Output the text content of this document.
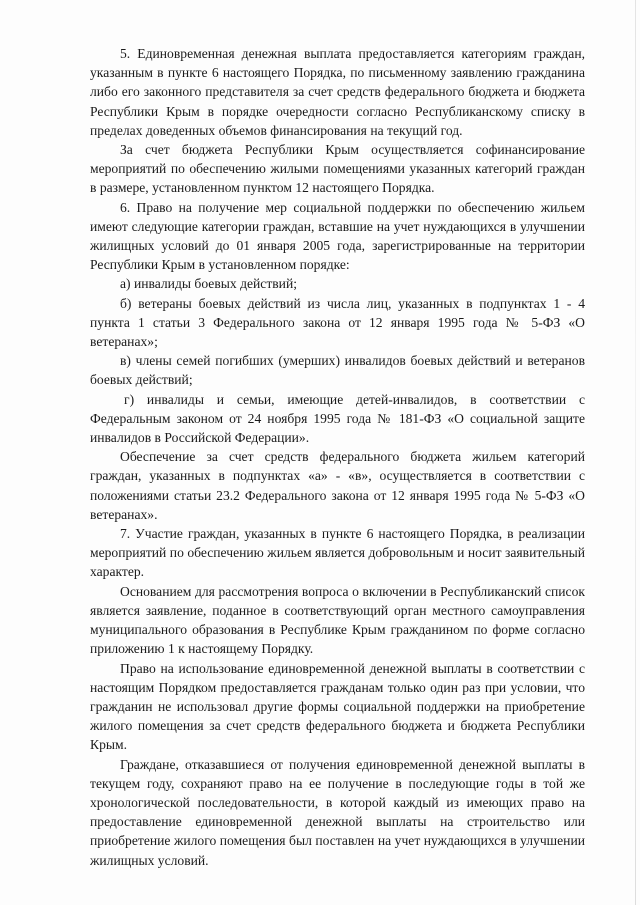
5. Единовременная денежная выплата предоставляется категориям граждан, указанным в пункте 6 настоящего Порядка, по письменному заявлению гражданина либо его законного представителя за счет средств федерального бюджета и бюджета Республики Крым в порядке очередности согласно Республиканскому списку в пределах доведенных объемов финансирования на текущий год.

За счет бюджета Республики Крым осуществляется софинансирование мероприятий по обеспечению жилыми помещениями указанных категорий граждан в размере, установленном пунктом 12 настоящего Порядка.

6. Право на получение мер социальной поддержки по обеспечению жильем имеют следующие категории граждан, вставшие на учет нуждающихся в улучшении жилищных условий до 01 января 2005 года, зарегистрированные на территории Республики Крым в установленном порядке:

а) инвалиды боевых действий;

б) ветераны боевых действий из числа лиц, указанных в подпунктах 1 - 4 пункта 1 статьи 3 Федерального закона от 12 января 1995 года № 5-ФЗ «О ветеранах»;

в) члены семей погибших (умерших) инвалидов боевых действий и ветеранов боевых действий;

г) инвалиды и семьи, имеющие детей-инвалидов, в соответствии с Федеральным законом от 24 ноября 1995 года № 181-ФЗ «О социальной защите инвалидов в Российской Федерации».

Обеспечение за счет средств федерального бюджета жильем категорий граждан, указанных в подпунктах «а» - «в», осуществляется в соответствии с положениями статьи 23.2 Федерального закона от 12 января 1995 года № 5-ФЗ «О ветеранах».

7. Участие граждан, указанных в пункте 6 настоящего Порядка, в реализации мероприятий по обеспечению жильем является добровольным и носит заявительный характер.

Основанием для рассмотрения вопроса о включении в Республиканский список является заявление, поданное в соответствующий орган местного самоуправления муниципального образования в Республике Крым гражданином по форме согласно приложению 1 к настоящему Порядку.

Право на использование единовременной денежной выплаты в соответствии с настоящим Порядком предоставляется гражданам только один раз при условии, что гражданин не использовал другие формы социальной поддержки на приобретение жилого помещения за счет средств федерального бюджета и бюджета Республики Крым.

Граждане, отказавшиеся от получения единовременной денежной выплаты в текущем году, сохраняют право на ее получение в последующие годы в той же хронологической последовательности, в которой каждый из имеющих право на предоставление единовременной денежной выплаты на строительство или приобретение жилого помещения был поставлен на учет нуждающихся в улучшении жилищных условий.
